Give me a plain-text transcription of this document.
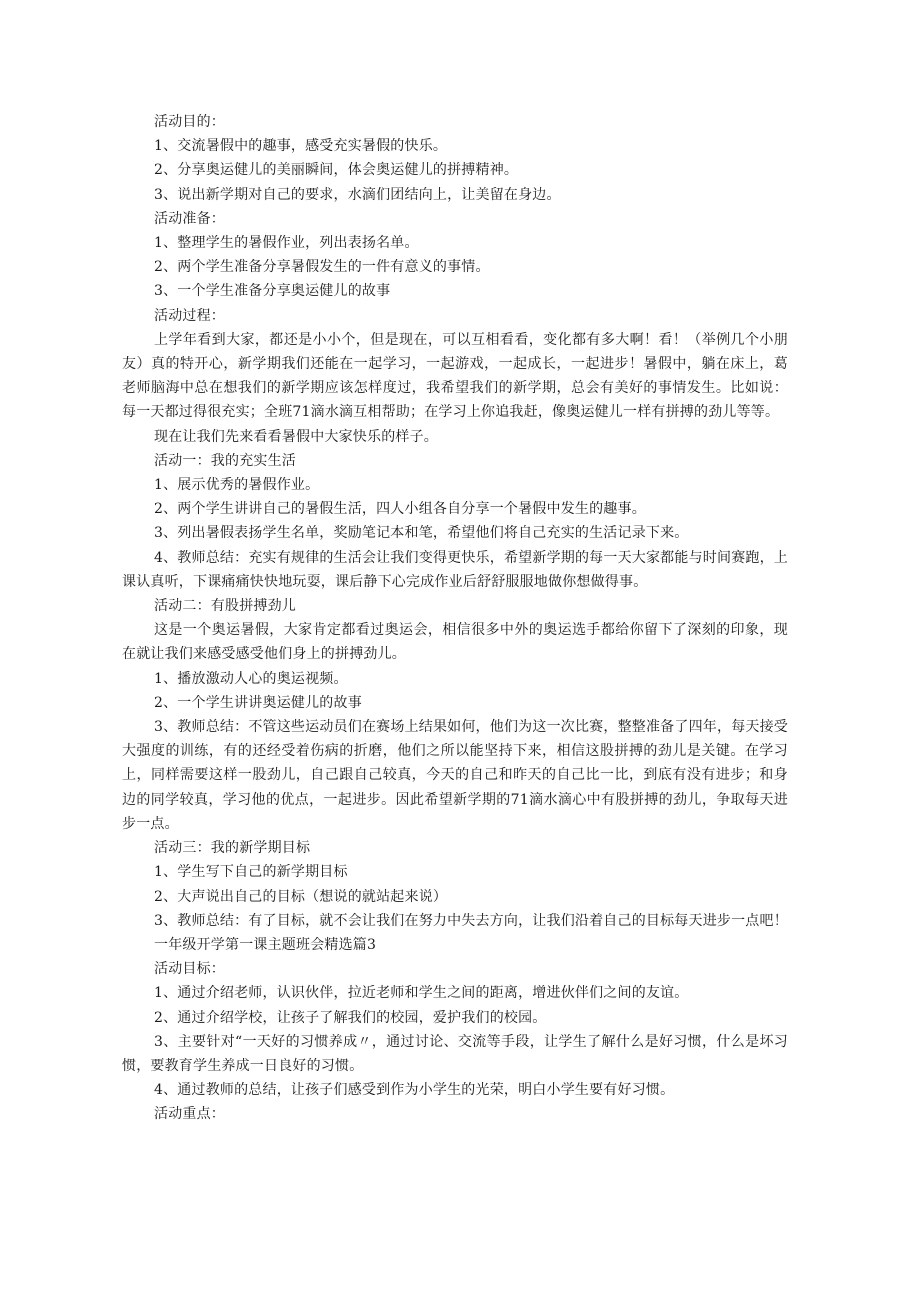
活动目的：

1、交流暑假中的趣事，感受充实暑假的快乐。

2、分享奥运健儿的美丽瞬间，体会奥运健儿的拼搏精神。

3、说出新学期对自己的要求，水滴们团结向上，让美留在身边。

活动准备：

1、整理学生的暑假作业，列出表扬名单。

2、两个学生准备分享暑假发生的一件有意义的事情。

3、一个学生准备分享奥运健儿的故事

活动过程：

上学年看到大家，都还是小小个，但是现在，可以互相看看，变化都有多大啊！看！（举例几个小朋友）真的特开心，新学期我们还能在一起学习，一起游戏，一起成长，一起进步！暑假中，躺在床上，葛老师脑海中总在想我们的新学期应该怎样度过，我希望我们的新学期，总会有美好的事情发生。比如说：每一天都过得很充实；全班71滴水滴互相帮助；在学习上你追我赶，像奥运健儿一样有拼搏的劲儿等等。

现在让我们先来看看暑假中大家快乐的样子。

活动一：我的充实生活

1、展示优秀的暑假作业。

2、两个学生讲讲自己的暑假生活，四人小组各自分享一个暑假中发生的趣事。

3、列出暑假表扬学生名单，奖励笔记本和笔，希望他们将自己充实的生活记录下来。

4、教师总结：充实有规律的生活会让我们变得更快乐，希望新学期的每一天大家都能与时间赛跑，上课认真听，下课痛痛快快地玩耍，课后静下心完成作业后舒舒服服地做你想做得事。

活动二：有股拼搏劲儿

这是一个奥运暑假，大家肯定都看过奥运会，相信很多中外的奥运选手都给你留下了深刻的印象，现在就让我们来感受感受他们身上的拼搏劲儿。

1、播放激动人心的奥运视频。

2、一个学生讲讲奥运健儿的故事

3、教师总结：不管这些运动员们在赛场上结果如何，他们为这一次比赛，整整准备了四年，每天接受大强度的训练，有的还经受着伤病的折磨，他们之所以能坚持下来，相信这股拼搏的劲儿是关键。在学习上，同样需要这样一股劲儿，自己跟自己较真，今天的自己和昨天的自己比一比，到底有没有进步；和身边的同学较真，学习他的优点，一起进步。因此希望新学期的71滴水滴心中有股拼搏的劲儿，争取每天进步一点。

活动三：我的新学期目标

1、学生写下自己的新学期目标

2、大声说出自己的目标（想说的就站起来说）

3、教师总结：有了目标，就不会让我们在努力中失去方向，让我们沿着自己的目标每天进步一点吧！

一年级开学第一课主题班会精选篇3

活动目标：

1、通过介绍老师，认识伙伴，拉近老师和学生之间的距离，增进伙伴们之间的友谊。

2、通过介绍学校，让孩子了解我们的校园，爱护我们的校园。

3、主要针对“一天好的习惯养成〃，通过讨论、交流等手段，让学生了解什么是好习惯，什么是坏习惯，要教育学生养成一日良好的习惯。

4、通过教师的总结，让孩子们感受到作为小学生的光荣，明白小学生要有好习惯。

活动重点：
